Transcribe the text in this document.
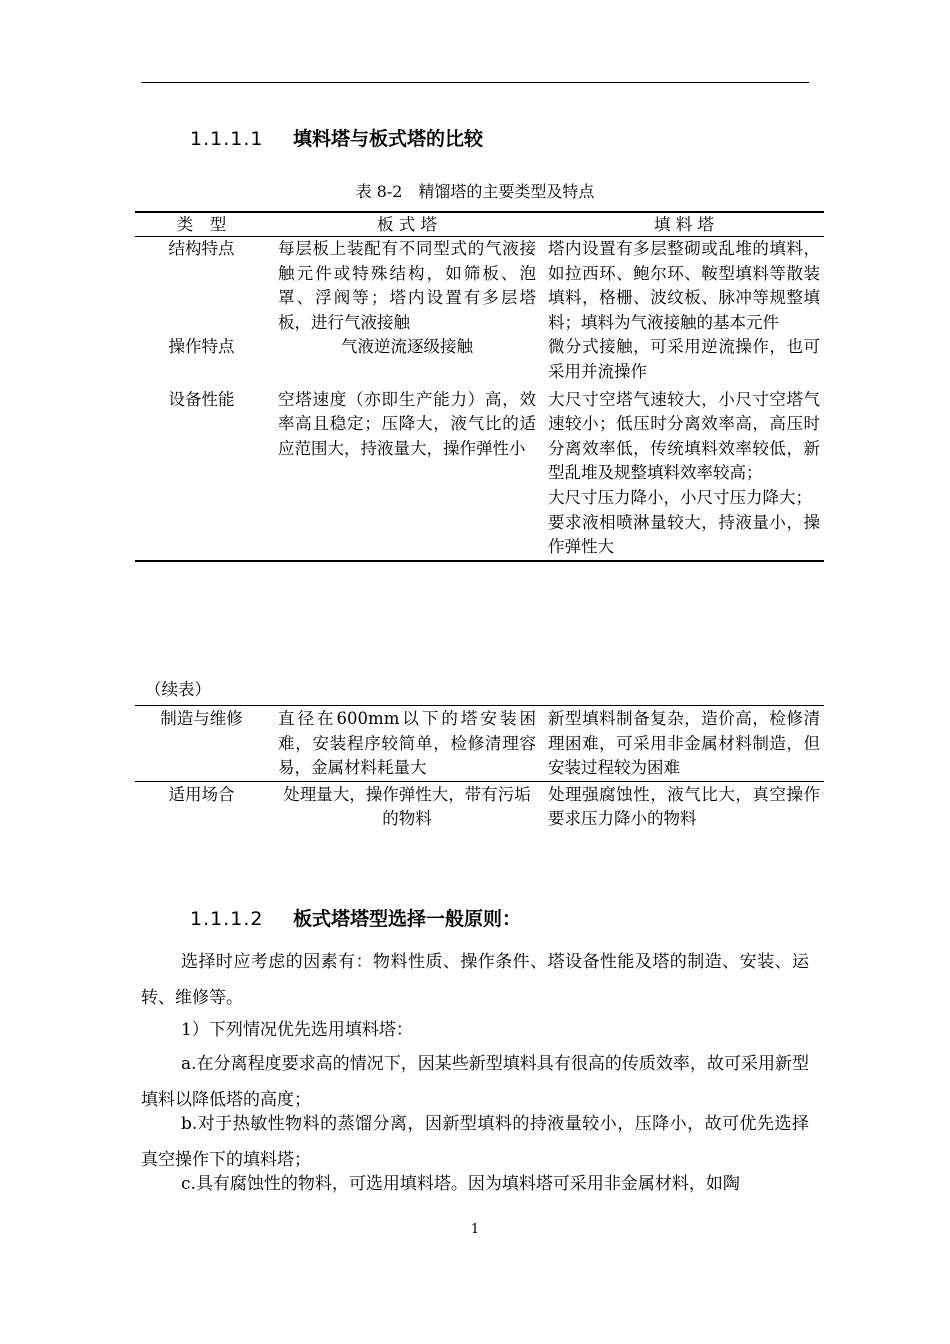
1.1.1.1 填料塔与板式塔的比较
表 8-2　精馏塔的主要类型及特点
类　型	板 式 塔	填 料 塔
结构特点	每层板上装配有不同型式的气液接触元件或特殊结构，如筛板、泡罩、浮阀等；塔内设置有多层塔板，进行气液接触	塔内设置有多层整砌或乱堆的填料，如拉西环、鲍尔环、鞍型填料等散装填料，格栅、波纹板、脉冲等规整填料；填料为气液接触的基本元件
操作特点	气液逆流逐级接触	微分式接触，可采用逆流操作，也可采用并流操作
设备性能	空塔速度（亦即生产能力）高，效率高且稳定；压降大，液气比的适应范围大，持液量大，操作弹性小	大尺寸空塔气速较大，小尺寸空塔气速较小；低压时分离效率高，高压时分离效率低，传统填料效率较低，新型乱堆及规整填料效率较高；
大尺寸压力降小，小尺寸压力降大；
要求液相喷淋量较大，持液量小，操作弹性大
（续表）
制造与维修	直径在600mm以下的塔安装困难，安装程序较简单，检修清理容易，金属材料耗量大	新型填料制备复杂，造价高，检修清理困难，可采用非金属材料制造，但安装过程较为困难
适用场合	处理量大，操作弹性大，带有污垢的物料	处理强腐蚀性，液气比大，真空操作要求压力降小的物料
1.1.1.2 板式塔塔型选择一般原则：
选择时应考虑的因素有：物料性质、操作条件、塔设备性能及塔的制造、安装、运转、维修等。
1）下列情况优先选用填料塔：
a.在分离程度要求高的情况下，因某些新型填料具有很高的传质效率，故可采用新型填料以降低塔的高度；
b.对于热敏性物料的蒸馏分离，因新型填料的持液量较小，压降小，故可优先选择真空操作下的填料塔；
c.具有腐蚀性的物料，可选用填料塔。因为填料塔可采用非金属材料，如陶
1
